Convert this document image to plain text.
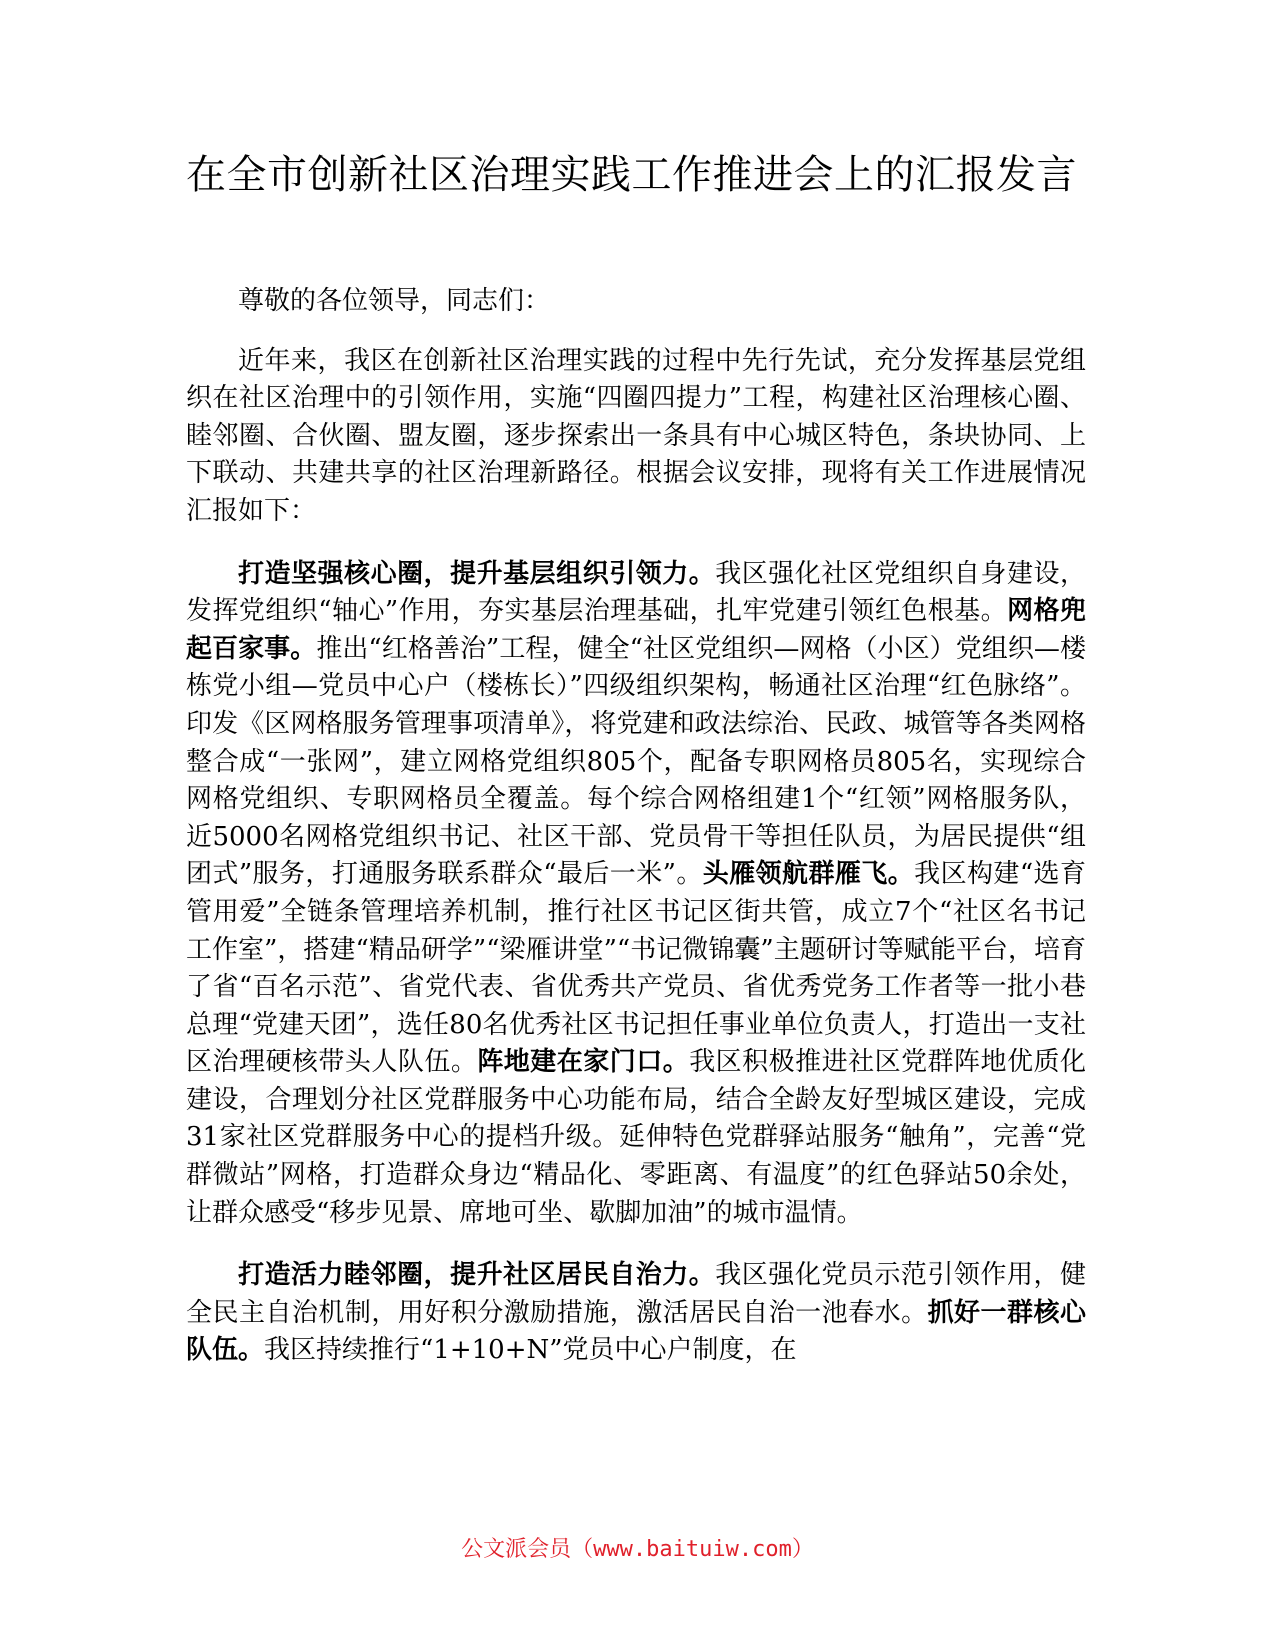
在全市创新社区治理实践工作推进会上的汇报发言

尊敬的各位领导，同志们：

近年来，我区在创新社区治理实践的过程中先行先试，充分发挥基层党组织在社区治理中的引领作用，实施“四圈四提力”工程，构建社区治理核心圈、睦邻圈、合伙圈、盟友圈，逐步探索出一条具有中心城区特色，条块协同、上下联动、共建共享的社区治理新路径。根据会议安排，现将有关工作进展情况汇报如下：

打造坚强核心圈，提升基层组织引领力。我区强化社区党组织自身建设，发挥党组织“轴心”作用，夯实基层治理基础，扎牢党建引领红色根基。网格兜起百家事。推出“红格善治”工程，健全“社区党组织—网格（小区）党组织—楼栋党小组—党员中心户（楼栋长）”四级组织架构，畅通社区治理“红色脉络”。印发《区网格服务管理事项清单》，将党建和政法综治、民政、城管等各类网格整合成“一张网”，建立网格党组织805个，配备专职网格员805名，实现综合网格党组织、专职网格员全覆盖。每个综合网格组建1个“红领”网格服务队，近5000名网格党组织书记、社区干部、党员骨干等担任队员，为居民提供“组团式”服务，打通服务联系群众“最后一米”。头雁领航群雁飞。我区构建“选育管用爱”全链条管理培养机制，推行社区书记区街共管，成立7个“社区名书记工作室”，搭建“精品研学”“梁雁讲堂”“书记微锦囊”主题研讨等赋能平台，培育了省“百名示范”、省党代表、省优秀共产党员、省优秀党务工作者等一批小巷总理“党建天团”，选任80名优秀社区书记担任事业单位负责人，打造出一支社区治理硬核带头人队伍。阵地建在家门口。我区积极推进社区党群阵地优质化建设，合理划分社区党群服务中心功能布局，结合全龄友好型城区建设，完成31家社区党群服务中心的提档升级。延伸特色党群驿站服务“触角”，完善“党群微站”网格，打造群众身边“精品化、零距离、有温度”的红色驿站50余处，让群众感受“移步见景、席地可坐、歇脚加油”的城市温情。

打造活力睦邻圈，提升社区居民自治力。我区强化党员示范引领作用，健全民主自治机制，用好积分激励措施，激活居民自治一池春水。抓好一群核心队伍。我区持续推行“1+10+N”党员中心户制度，在

公文派会员（www.baituiw.com）
